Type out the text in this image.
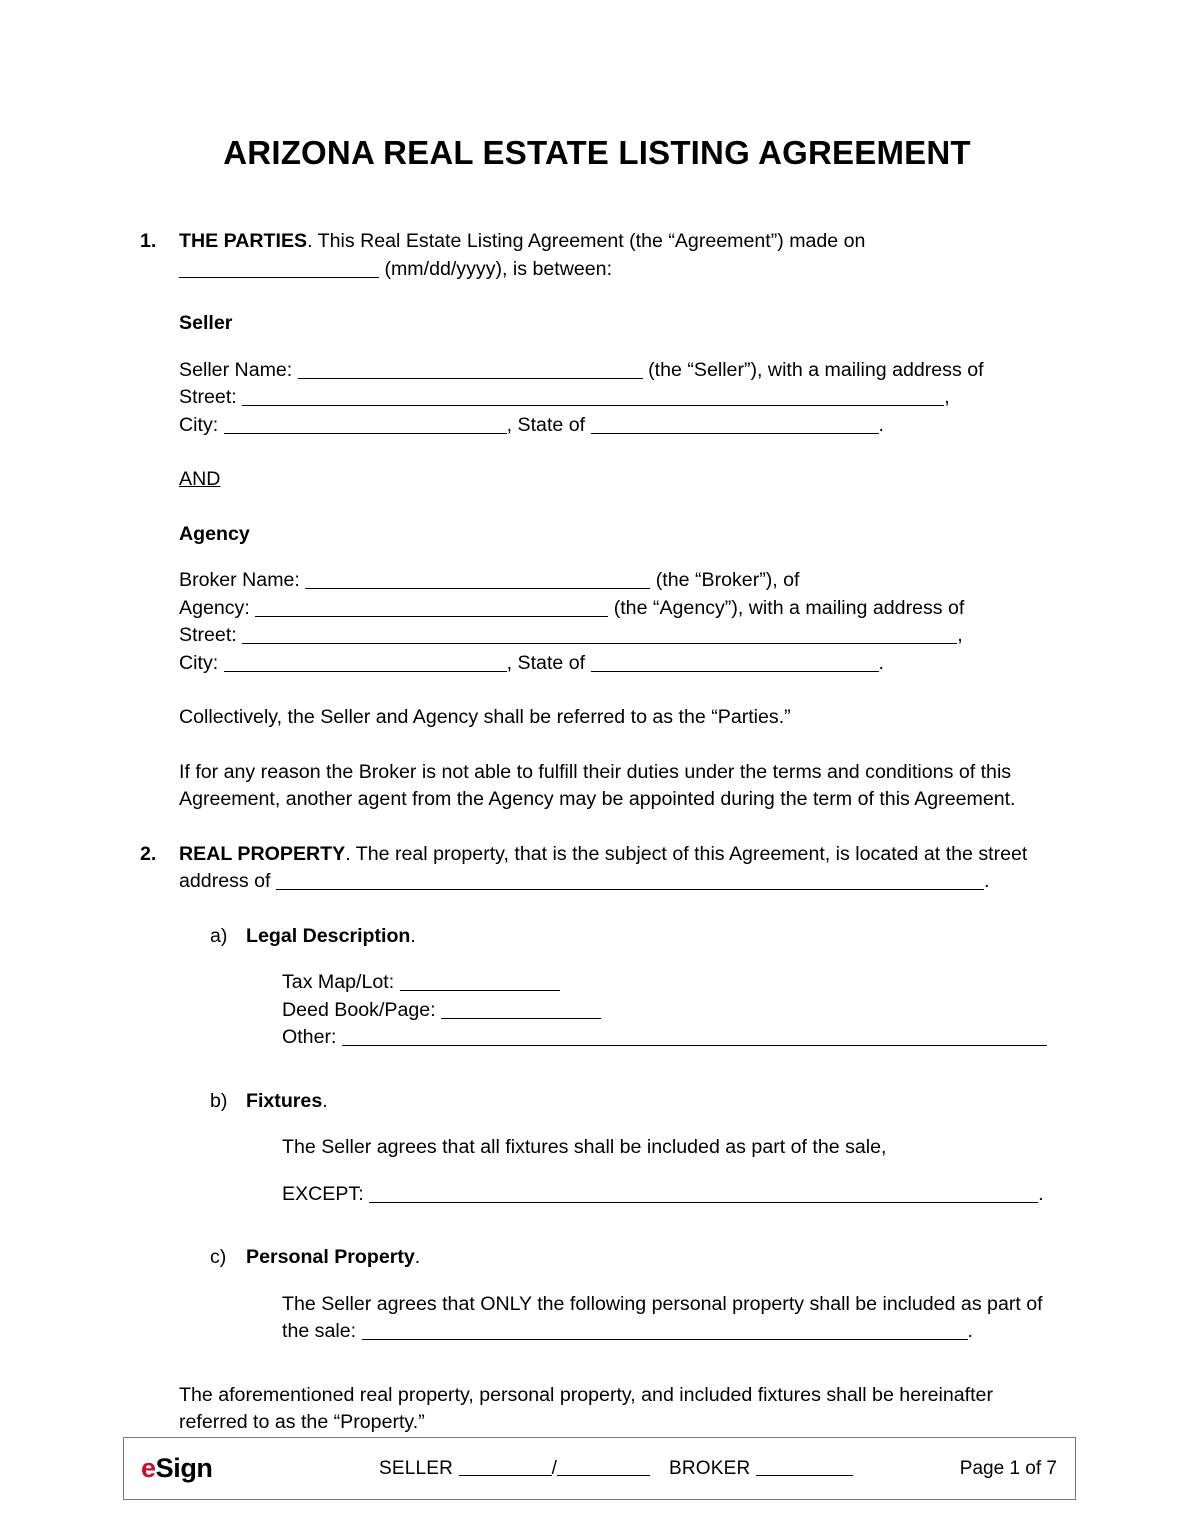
ARIZONA REAL ESTATE LISTING AGREEMENT
1.	THE PARTIES. This Real Estate Listing Agreement (the “Agreement”) made on
(mm/dd/yyyy), is between:
Seller
Seller Name:	(the “Seller”), with a mailing address of
Street:	,
City:	, State of	.
AND
Agency
Broker Name:	(the “Broker”), of
Agency:	(the “Agency”), with a mailing address of
Street:	,
City:	, State of	.
Collectively, the Seller and Agency shall be referred to as the “Parties.”
If for any reason the Broker is not able to fulfill their duties under the terms and conditions of this Agreement, another agent from the Agency may be appointed during the term of this Agreement.
2.	REAL PROPERTY. The real property, that is the subject of this Agreement, is located at the street address of	.
a) Legal Description.
Tax Map/Lot:
Deed Book/Page:
Other:
b) Fixtures.
The Seller agrees that all fixtures shall be included as part of the sale,
EXCEPT:	.
c)	Personal Property.
The Seller agrees that ONLY the following personal property shall be included as part of the sale:	.
The aforementioned real property, personal property, and included fixtures shall be hereinafter referred to as the “Property.”
eSign	SELLER	/	BROKER	Page 1 of 7
